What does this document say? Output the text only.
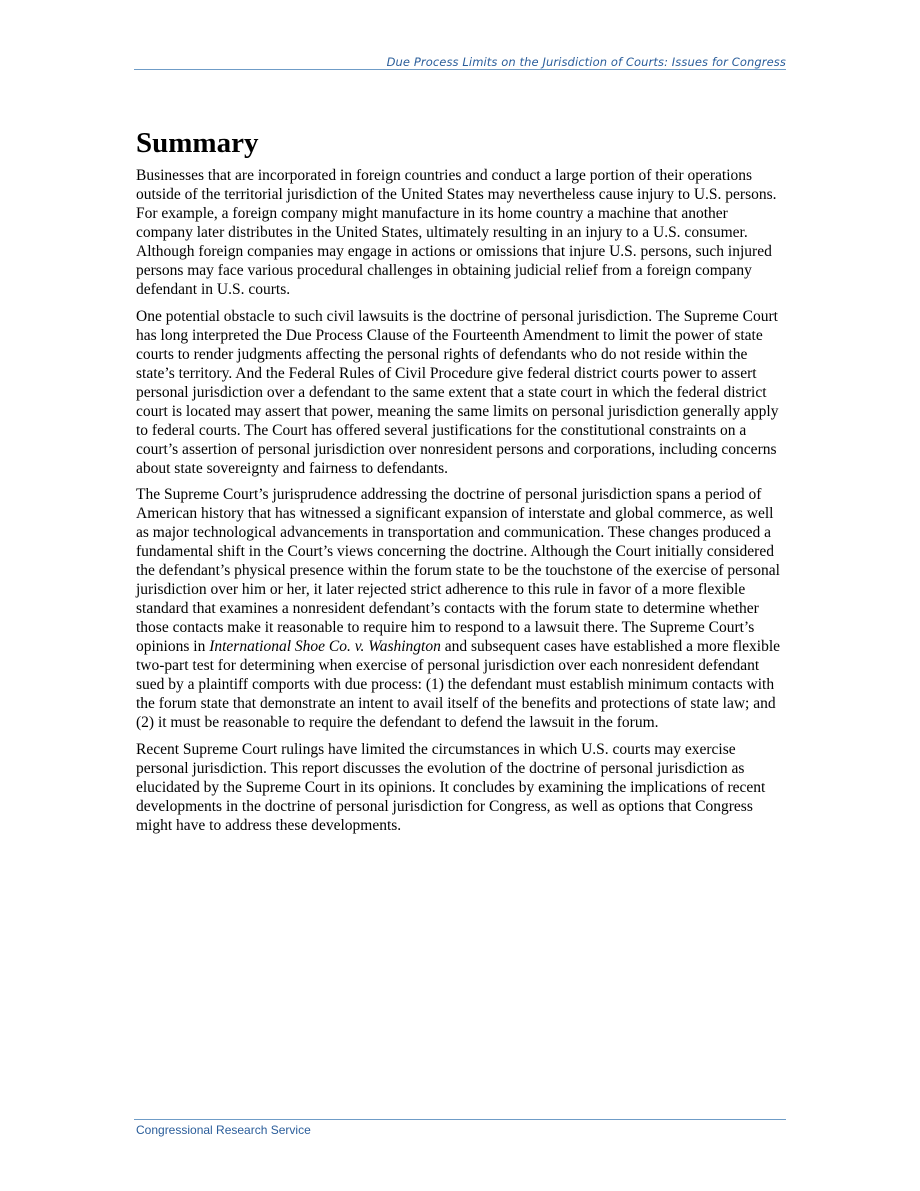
Due Process Limits on the Jurisdiction of Courts: Issues for Congress
Summary

Businesses that are incorporated in foreign countries and conduct a large portion of their operations outside of the territorial jurisdiction of the United States may nevertheless cause injury to U.S. persons. For example, a foreign company might manufacture in its home country a machine that another company later distributes in the United States, ultimately resulting in an injury to a U.S. consumer. Although foreign companies may engage in actions or omissions that injure U.S. persons, such injured persons may face various procedural challenges in obtaining judicial relief from a foreign company defendant in U.S. courts.

One potential obstacle to such civil lawsuits is the doctrine of personal jurisdiction. The Supreme Court has long interpreted the Due Process Clause of the Fourteenth Amendment to limit the power of state courts to render judgments affecting the personal rights of defendants who do not reside within the state’s territory. And the Federal Rules of Civil Procedure give federal district courts power to assert personal jurisdiction over a defendant to the same extent that a state court in which the federal district court is located may assert that power, meaning the same limits on personal jurisdiction generally apply to federal courts. The Court has offered several justifications for the constitutional constraints on a court’s assertion of personal jurisdiction over nonresident persons and corporations, including concerns about state sovereignty and fairness to defendants.

The Supreme Court’s jurisprudence addressing the doctrine of personal jurisdiction spans a period of American history that has witnessed a significant expansion of interstate and global commerce, as well as major technological advancements in transportation and communication. These changes produced a fundamental shift in the Court’s views concerning the doctrine. Although the Court initially considered the defendant’s physical presence within the forum state to be the touchstone of the exercise of personal jurisdiction over him or her, it later rejected strict adherence to this rule in favor of a more flexible standard that examines a nonresident defendant’s contacts with the forum state to determine whether those contacts make it reasonable to require him to respond to a lawsuit there. The Supreme Court’s opinions in International Shoe Co. v. Washington and subsequent cases have established a more flexible two-part test for determining when exercise of personal jurisdiction over each nonresident defendant sued by a plaintiff comports with due process: (1) the defendant must establish minimum contacts with the forum state that demonstrate an intent to avail itself of the benefits and protections of state law; and (2) it must be reasonable to require the defendant to defend the lawsuit in the forum.

Recent Supreme Court rulings have limited the circumstances in which U.S. courts may exercise personal jurisdiction. This report discusses the evolution of the doctrine of personal jurisdiction as elucidated by the Supreme Court in its opinions. It concludes by examining the implications of recent developments in the doctrine of personal jurisdiction for Congress, as well as options that Congress might have to address these developments.

Congressional Research Service
